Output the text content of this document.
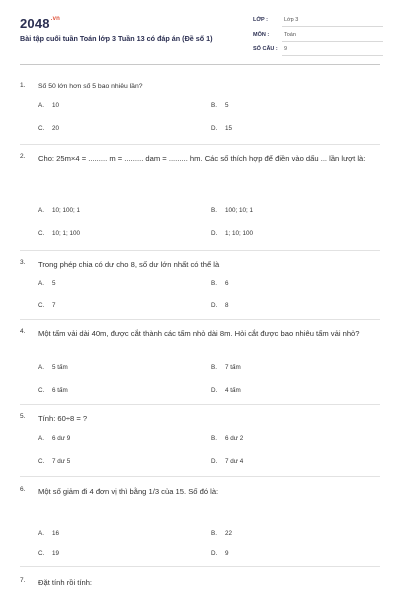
$2048^{.vn}$
Bài tập cuối tuần Toán lớp 3 Tuần 13 có đáp án (Đề số 1)
LỚP :	Lớp 3
MÔN :	Toán
SỐ CÂU : 9
1. Số 50 lớn hơn số 5 bao nhiêu lần?
A. 10	B. 5
C. 20	D. 15
2. Cho: 25m×4 = ......... m = ......... dam = ......... hm. Các số thích hợp để điền vào dấu ... lần lượt là:
A. 10; 100; 1	B. 100; 10; 1
C. 10; 1; 100	D. 1; 10; 100
3. Trong phép chia có dư cho 8, số dư lớn nhất có thể là
A. 5	B. 6
C. 7	D. 8
4. Một tấm vải dài 40m, được cắt thành các tấm nhỏ dài 8m. Hỏi cắt được bao nhiêu tấm vải nhỏ?
A. 5 tấm	B. 7 tấm
C. 6 tấm	D. 4 tấm
5. Tính: 60÷8 = ?
A. 6 dư 9	B. 6 dư 2
C. 7 dư 5	D. 7 dư 4
6. Một số giảm đi 4 đơn vị thì bằng 1/3 của 15. Số đó là:
A. 16	B. 22
C. 19	D. 9
7. Đặt tính rồi tính:
